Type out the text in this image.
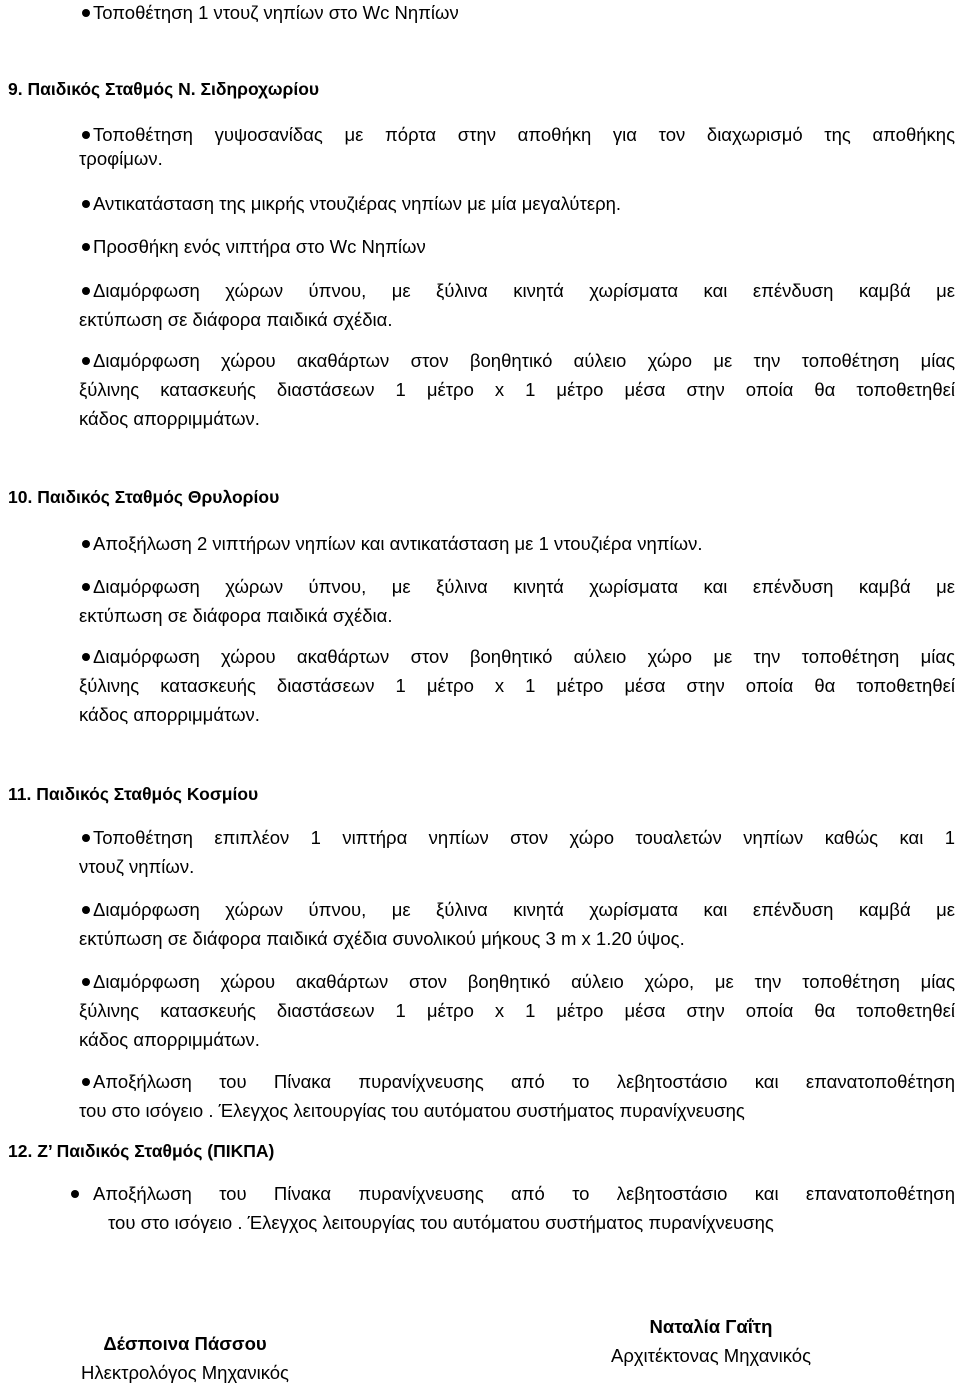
Τοποθέτηση 1 ντουζ νηπίων στο Wc Νηπίων
9. Παιδικός Σταθμός Ν. Σιδηροχωρίου
Τοποθέτηση γυψοσανίδας με πόρτα στην αποθήκη για τον διαχωρισμό της αποθήκης
τροφίμων.
Αντικατάσταση της μικρής ντουζιέρας νηπίων με μία μεγαλύτερη.
Προσθήκη ενός νιπτήρα στο Wc Νηπίων
Διαμόρφωση χώρων ύπνου, με ξύλινα κινητά χωρίσματα και επένδυση καμβά με
εκτύπωση σε διάφορα παιδικά σχέδια.
Διαμόρφωση χώρου ακαθάρτων στον βοηθητικό αύλειο χώρο με την τοποθέτηση μίας
ξύλινης κατασκευής διαστάσεων 1 μέτρο x 1 μέτρο μέσα στην οποία θα τοποθετηθεί
κάδος απορριμμάτων.
10. Παιδικός Σταθμός Θρυλορίου
Αποξήλωση 2 νιπτήρων νηπίων και αντικατάσταση με 1 ντουζιέρα νηπίων.
Διαμόρφωση χώρων ύπνου, με ξύλινα κινητά χωρίσματα και επένδυση καμβά με
εκτύπωση σε διάφορα παιδικά σχέδια.
Διαμόρφωση χώρου ακαθάρτων στον βοηθητικό αύλειο χώρο με την τοποθέτηση μίας
ξύλινης κατασκευής διαστάσεων 1 μέτρο x 1 μέτρο μέσα στην οποία θα τοποθετηθεί
κάδος απορριμμάτων.
11. Παιδικός Σταθμός Κοσμίου
Τοποθέτηση επιπλέον 1 νιπτήρα νηπίων στον χώρο τουαλετών νηπίων καθώς και 1
ντουζ νηπίων.
Διαμόρφωση χώρων ύπνου, με ξύλινα κινητά χωρίσματα και επένδυση καμβά με
εκτύπωση σε διάφορα παιδικά σχέδια συνολικού μήκους 3 m x 1.20 ύψος.
Διαμόρφωση χώρου ακαθάρτων στον βοηθητικό αύλειο χώρο, με την τοποθέτηση μίας
ξύλινης κατασκευής διαστάσεων 1 μέτρο x 1 μέτρο μέσα στην οποία θα τοποθετηθεί
κάδος απορριμμάτων.
Αποξήλωση του Πίνακα πυρανίχνευσης από το λεβητοστάσιο και επανατοποθέτηση
του στο ισόγειο . Έλεγχος λειτουργίας του αυτόματου συστήματος πυρανίχνευσης
12. Ζ’ Παιδικός Σταθμός (ΠΙΚΠΑ)
Αποξήλωση του Πίνακα πυρανίχνευσης από το λεβητοστάσιο και επανατοποθέτηση
του στο ισόγειο . Έλεγχος λειτουργίας του αυτόματου συστήματος πυρανίχνευσης
Δέσποινα Πάσσου
Ηλεκτρολόγος Μηχανικός
Ναταλία Γαΐτη
Αρχιτέκτονας Μηχανικός
